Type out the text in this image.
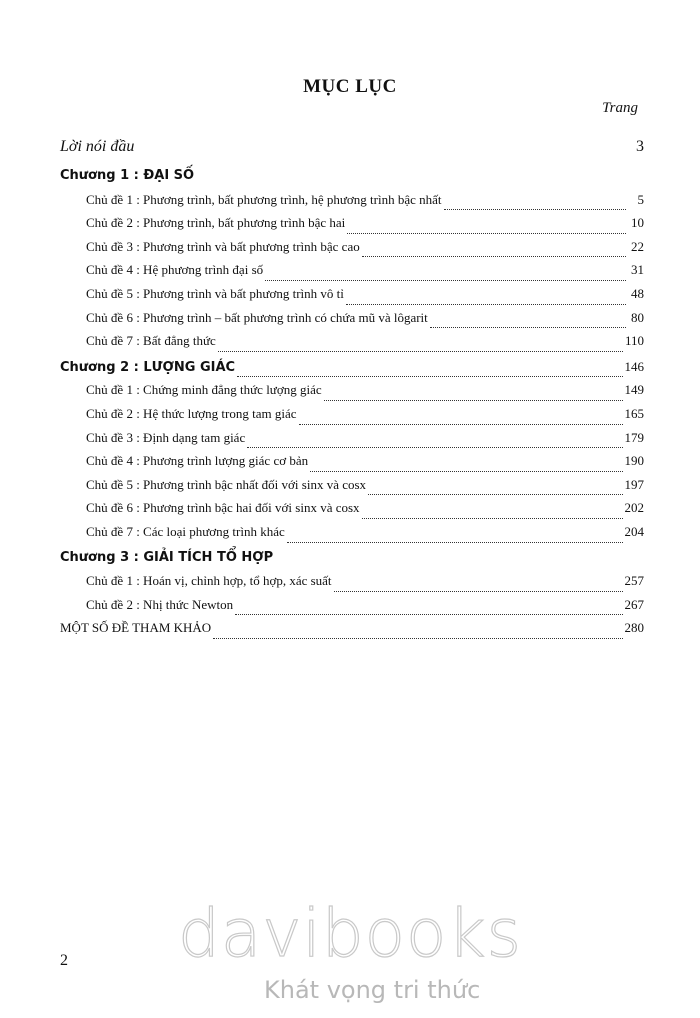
MỤC LỤC
Trang
Lời nói đầu	3
Chương 1 : ĐẠI SỐ
Chủ đề 1 : Phương trình, bất phương trình, hệ phương trình bậc nhất	5
Chủ đề 2 : Phương trình, bất phương trình bậc hai	10
Chủ đề 3 : Phương trình và bất phương trình bậc cao	22
Chủ đề 4 : Hệ phương trình đại số	31
Chủ đề 5 : Phương trình và bất phương trình vô tỉ	48
Chủ đề 6 : Phương trình – bất phương trình có chứa mũ và lôgarit	80
Chủ đề 7 : Bất đẳng thức	110
Chương 2 : LƯỢNG GIÁC	146
Chủ đề 1 : Chứng minh đẳng thức lượng giác	149
Chủ đề 2 : Hệ thức lượng trong tam giác	165
Chủ đề 3 : Định dạng tam giác	179
Chủ đề 4 : Phương trình lượng giác cơ bản	190
Chủ đề 5 : Phương trình bậc nhất đối với sinx và cosx	197
Chủ đề 6 : Phương trình bậc hai đối với sinx và cosx	202
Chủ đề 7 : Các loại phương trình khác	204
Chương 3 : GIẢI TÍCH TỔ HỢP
Chủ đề 1 : Hoán vị, chỉnh hợp, tổ hợp, xác suất	257
Chủ đề 2 : Nhị thức Newton	267
MỘT SỐ ĐỀ THAM KHẢO	280
2	davibooks
Khát vọng tri thức
